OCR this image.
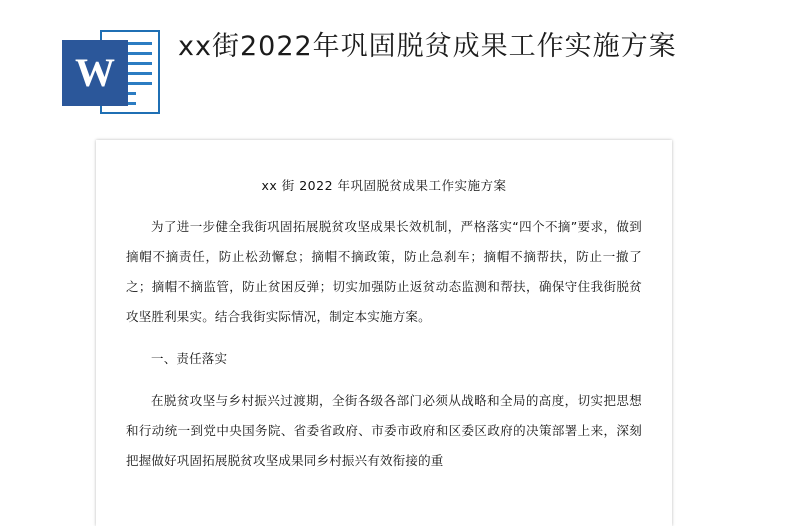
W
xx街2022年巩固脱贫成果工作实施方案
xx 街 2022 年巩固脱贫成果工作实施方案

为了进一步健全我街巩固拓展脱贫攻坚成果长效机制，严格落实“四个不摘”要求，做到摘帽不摘责任，防止松劲懈怠；摘帽不摘政策，防止急刹车；摘帽不摘帮扶，防止一撤了之；摘帽不摘监管，防止贫困反弹；切实加强防止返贫动态监测和帮扶，确保守住我街脱贫攻坚胜利果实。结合我街实际情况，制定本实施方案。

一、责任落实

在脱贫攻坚与乡村振兴过渡期，全街各级各部门必须从战略和全局的高度，切实把思想和行动统一到党中央国务院、省委省政府、市委市政府和区委区政府的决策部署上来，深刻把握做好巩固拓展脱贫攻坚成果同乡村振兴有效衔接的重
